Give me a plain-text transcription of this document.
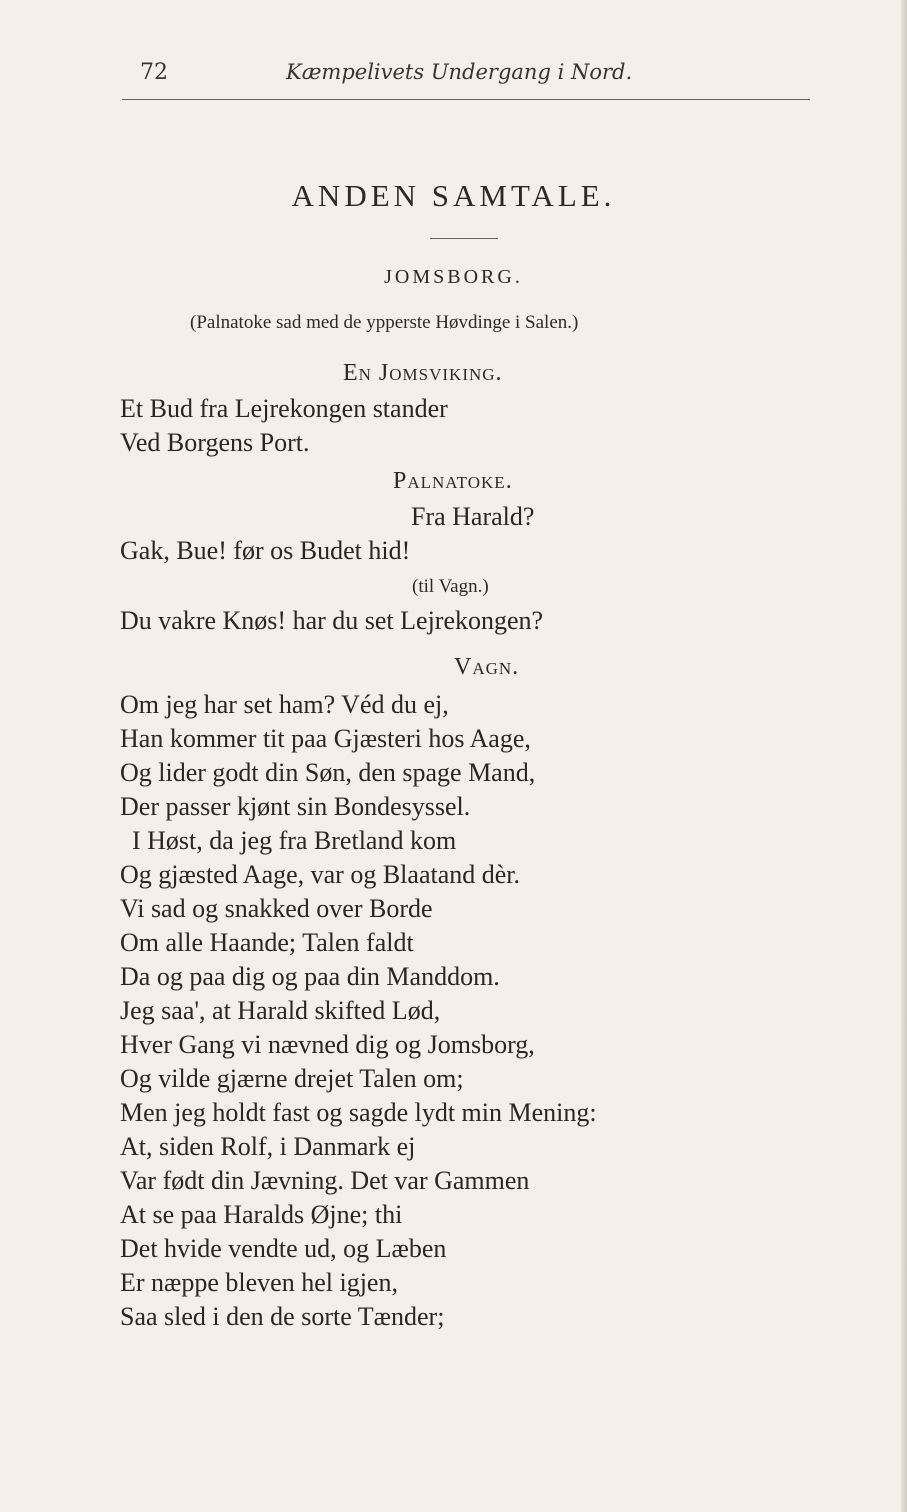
72	Kæmpelivets Undergang i Nord.
ANDEN SAMTALE.
JOMSBORG.
(Palnatoke sad med de ypperste Høvdinge i Salen.)
En Jomsviking.
Et Bud fra Lejrekongen stander
Ved Borgens Port.
Palnatoke.
Fra Harald?
Gak, Bue! før os Budet hid!
(til Vagn.)
Du vakre Knøs! har du set Lejrekongen?
Vagn.
Om jeg har set ham? Véd du ej,
Han kommer tit paa Gjæsteri hos Aage,
Og lider godt din Søn, den spage Mand,
Der passer kjønt sin Bondesyssel.
I Høst, da jeg fra Bretland kom
Og gjæsted Aage, var og Blaatand dèr.
Vi sad og snakked over Borde
Om alle Haande; Talen faldt
Da og paa dig og paa din Manddom.
Jeg saa', at Harald skifted Lød,
Hver Gang vi nævned dig og Jomsborg,
Og vilde gjærne drejet Talen om;
Men jeg holdt fast og sagde lydt min Mening:
At, siden Rolf, i Danmark ej
Var født din Jævning. Det var Gammen
At se paa Haralds Øjne; thi
Det hvide vendte ud, og Læben
Er næppe bleven hel igjen,
Saa sled i den de sorte Tænder;
